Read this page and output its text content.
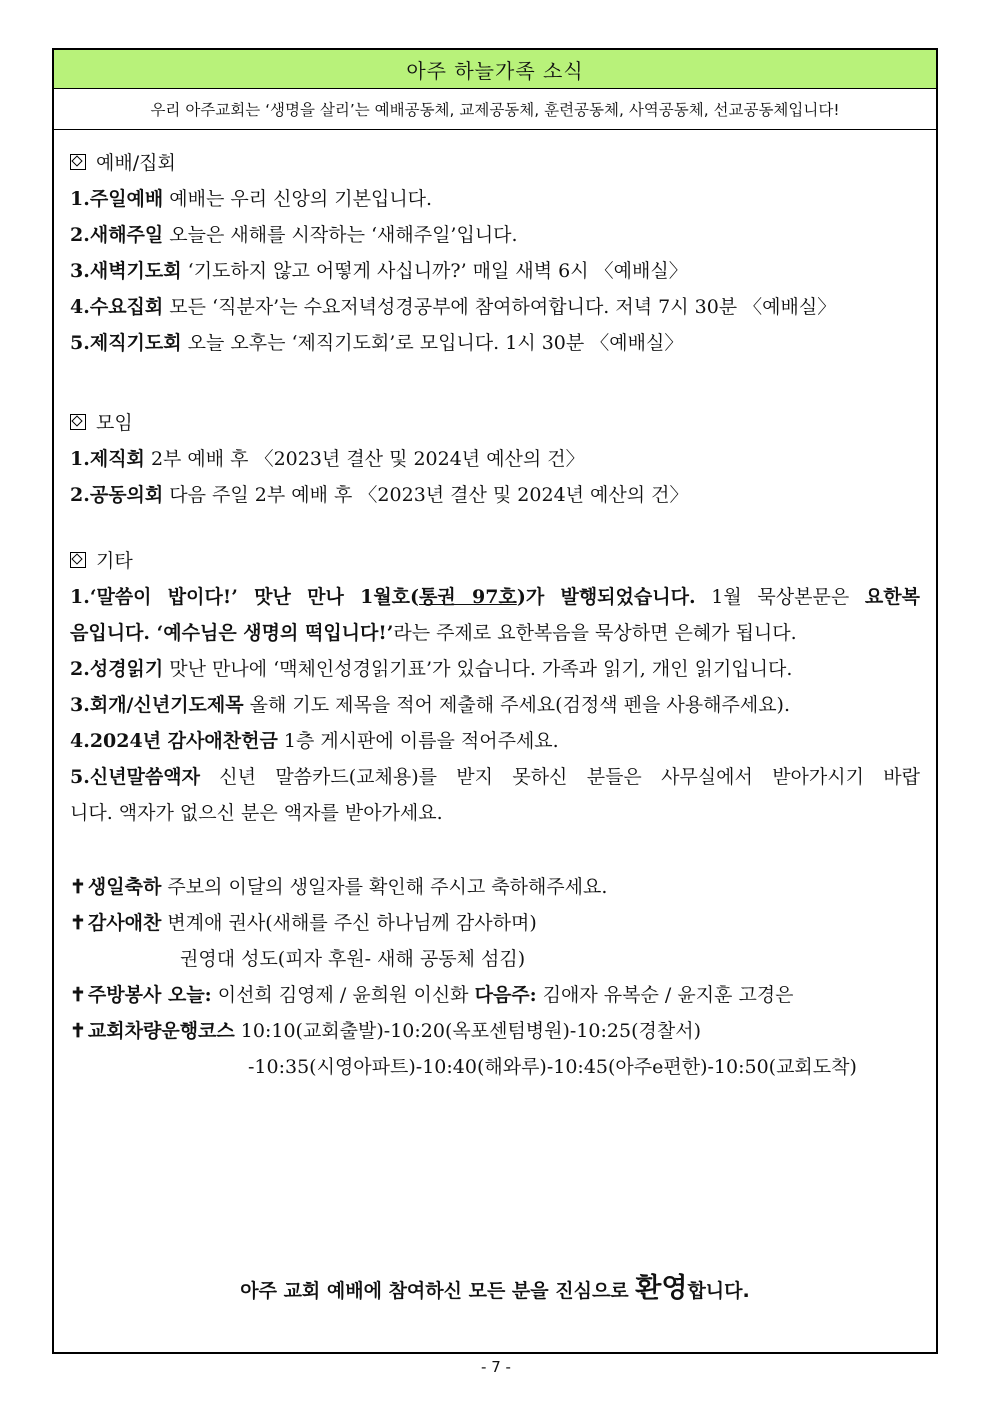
아주 하늘가족 소식
우리 아주교회는 ‘생명을 살리’는 예배공동체, 교제공동체, 훈련공동체, 사역공동체, 선교공동체입니다!
예배/집회
1.주일예배 예배는 우리 신앙의 기본입니다.
2.새해주일 오늘은 새해를 시작하는 ‘새해주일’입니다.
3.새벽기도회 ‘기도하지 않고 어떻게 사십니까?’ 매일 새벽 6시 〈예배실〉
4.수요집회 모든 ‘직분자’는 수요저녁성경공부에 참여하여합니다. 저녁 7시 30분 〈예배실〉
5.제직기도회 오늘 오후는 ‘제직기도회’로 모입니다. 1시 30분 〈예배실〉
모임
1.제직회 2부 예배 후 〈2023년 결산 및 2024년 예산의 건〉
2.공동의회 다음 주일 2부 예배 후 〈2023년 결산 및 2024년 예산의 건〉
기타
1.‘말씀이 밥이다!’ 맛난 만나 1월호(통권 97호)가 발행되었습니다. 1월 묵상본문은 요한복
음입니다. ‘예수님은 생명의 떡입니다!’라는 주제로 요한복음을 묵상하면 은혜가 됩니다.
2.성경읽기 맛난 만나에 ‘맥체인성경읽기표’가 있습니다. 가족과 읽기, 개인 읽기입니다.
3.회개/신년기도제목 올해 기도 제목을 적어 제출해 주세요(검정색 펜을 사용해주세요).
4.2024년 감사애찬헌금 1층 게시판에 이름을 적어주세요.
5.신년말씀액자 신년 말씀카드(교체용)를 받지 못하신 분들은 사무실에서 받아가시기 바랍
니다. 액자가 없으신 분은 액자를 받아가세요.
✝ 생일축하 주보의 이달의 생일자를 확인해 주시고 축하해주세요.
✝ 감사애찬 변계애 권사(새해를 주신 하나님께 감사하며)
권영대 성도(피자 후원- 새해 공동체 섬김)
✝ 주방봉사 오늘: 이선희 김영제 / 윤희원 이신화 다음주: 김애자 유복순 / 윤지훈 고경은
✝ 교회차량운행코스 10:10(교회출발)-10:20(옥포센텀병원)-10:25(경찰서)
-10:35(시영아파트)-10:40(해와루)-10:45(아주e편한)-10:50(교회도착)
아주 교회 예배에 참여하신 모든 분을 진심으로 환영합니다.
- 7 -
